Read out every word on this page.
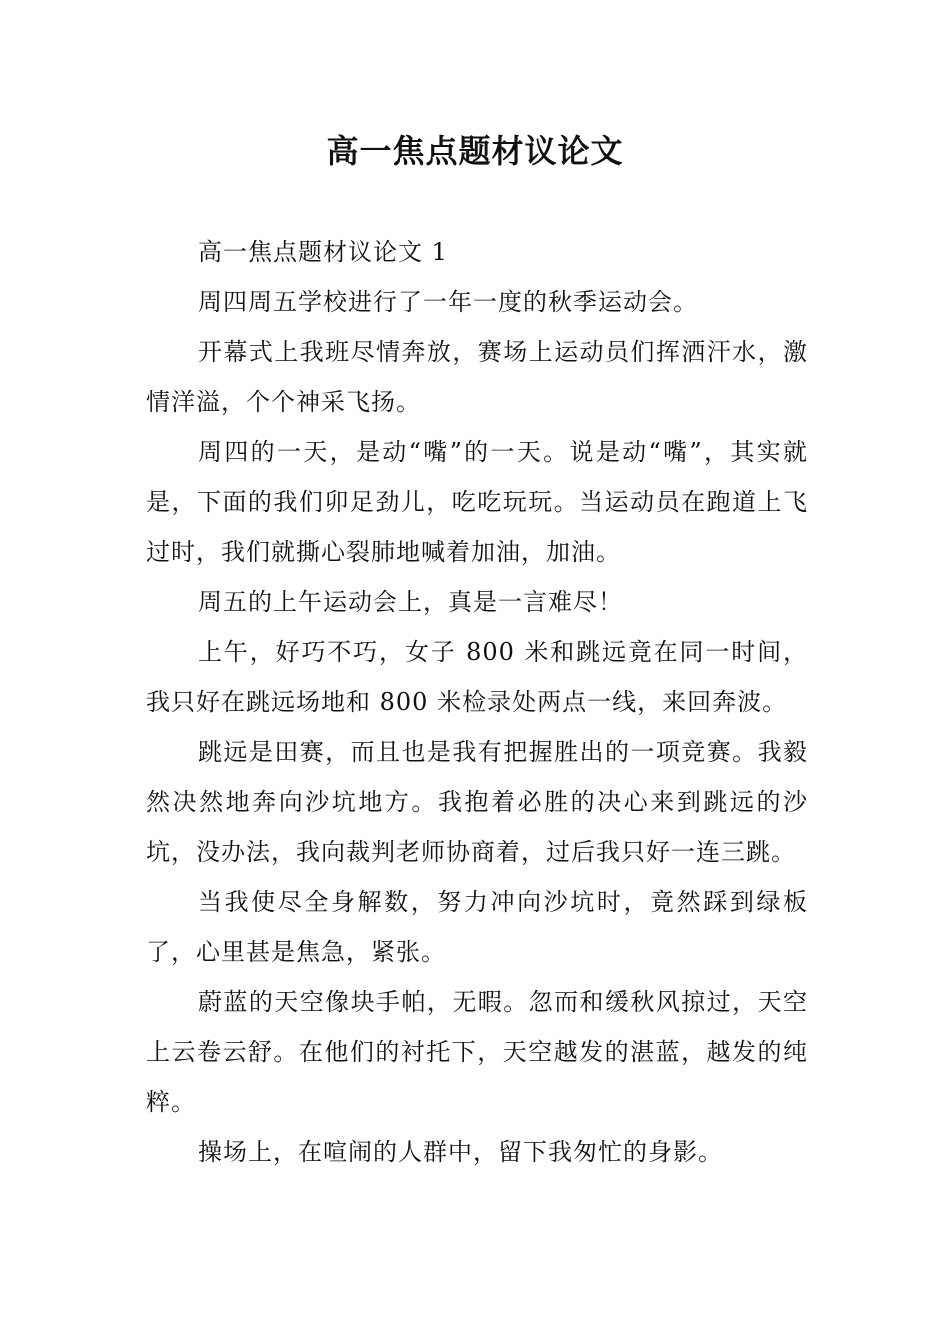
高一焦点题材议论文

高一焦点题材议论文 1

周四周五学校进行了一年一度的秋季运动会。

开幕式上我班尽情奔放，赛场上运动员们挥洒汗水，激情洋溢，个个神采飞扬。

周四的一天，是动“嘴”的一天。说是动“嘴”，其实就是，下面的我们卯足劲儿，吃吃玩玩。当运动员在跑道上飞过时，我们就撕心裂肺地喊着加油，加油。

周五的上午运动会上，真是一言难尽！

上午，好巧不巧，女子 800 米和跳远竟在同一时间，我只好在跳远场地和 800 米检录处两点一线，来回奔波。

跳远是田赛，而且也是我有把握胜出的一项竞赛。我毅然决然地奔向沙坑地方。我抱着必胜的决心来到跳远的沙坑，没办法，我向裁判老师协商着，过后我只好一连三跳。

当我使尽全身解数，努力冲向沙坑时，竟然踩到绿板了，心里甚是焦急，紧张。

蔚蓝的天空像块手帕，无暇。忽而和缓秋风掠过，天空上云卷云舒。在他们的衬托下，天空越发的湛蓝，越发的纯粹。

操场上，在喧闹的人群中，留下我匆忙的身影。
